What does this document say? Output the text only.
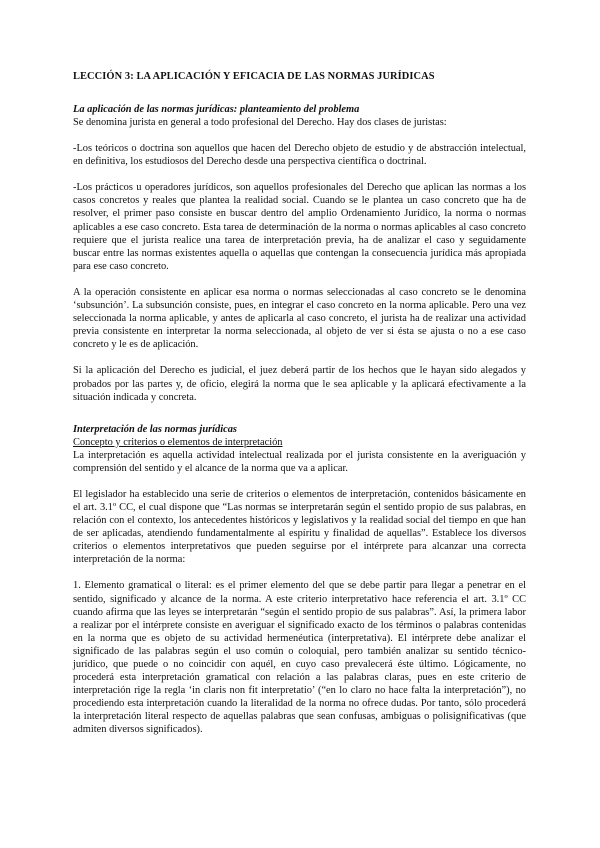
LECCIÓN 3: LA APLICACIÓN Y EFICACIA DE LAS NORMAS JURÍDICAS
La aplicación de las normas jurídicas: planteamiento del problema

Se denomina jurista en general a todo profesional del Derecho. Hay dos clases de juristas:

-Los teóricos o doctrina son aquellos que hacen del Derecho objeto de estudio y de abstracción intelectual, en definitiva, los estudiosos del Derecho desde una perspectiva científica o doctrinal.

-Los prácticos u operadores jurídicos, son aquellos profesionales del Derecho que aplican las normas a los casos concretos y reales que plantea la realidad social. Cuando se le plantea un caso concreto que ha de resolver, el primer paso consiste en buscar dentro del amplio Ordenamiento Jurídico, la norma o normas aplicables a ese caso concreto. Esta tarea de determinación de la norma o normas aplicables al caso concreto requiere que el jurista realice una tarea de interpretación previa, ha de analizar el caso y seguidamente buscar entre las normas existentes aquella o aquellas que contengan la consecuencia jurídica más apropiada para ese caso concreto.

A la operación consistente en aplicar esa norma o normas seleccionadas al caso concreto se le denomina ‘subsunción’. La subsunción consiste, pues, en integrar el caso concreto en la norma aplicable. Pero una vez seleccionada la norma aplicable, y antes de aplicarla al caso concreto, el jurista ha de realizar una actividad previa consistente en interpretar la norma seleccionada, al objeto de ver si ésta se ajusta o no a ese caso concreto y le es de aplicación.

Si la aplicación del Derecho es judicial, el juez deberá partir de los hechos que le hayan sido alegados y probados por las partes y, de oficio, elegirá la norma que le sea aplicable y la aplicará efectivamente a la situación indicada y concreta.

Interpretación de las normas jurídicas
Concepto y criterios o elementos de interpretación

La interpretación es aquella actividad intelectual realizada por el jurista consistente en la averiguación y comprensión del sentido y el alcance de la norma que va a aplicar.

El legislador ha establecido una serie de criterios o elementos de interpretación, contenidos básicamente en el art. 3.1º CC, el cual dispone que “Las normas se interpretarán según el sentido propio de sus palabras, en relación con el contexto, los antecedentes históricos y legislativos y la realidad social del tiempo en que han de ser aplicadas, atendiendo fundamentalmente al espíritu y finalidad de aquellas”. Establece los diversos criterios o elementos interpretativos que pueden seguirse por el intérprete para alcanzar una correcta interpretación de la norma:

1. Elemento gramatical o literal: es el primer elemento del que se debe partir para llegar a penetrar en el sentido, significado y alcance de la norma. A este criterio interpretativo hace referencia el art. 3.1º CC cuando afirma que las leyes se interpretarán “según el sentido propio de sus palabras”. Así, la primera labor a realizar por el intérprete consiste en averiguar el significado exacto de los términos o palabras contenidas en la norma que es objeto de su actividad hermenéutica (interpretativa). El intérprete debe analizar el significado de las palabras según el uso común o coloquial, pero también analizar su sentido técnico-jurídico, que puede o no coincidir con aquél, en cuyo caso prevalecerá éste último. Lógicamente, no procederá esta interpretación gramatical con relación a las palabras claras, pues en este criterio de interpretación rige la regla ‘in claris non fit interpretatio’ (“en lo claro no hace falta la interpretación”), no procediendo esta interpretación cuando la literalidad de la norma no ofrece dudas. Por tanto, sólo procederá la interpretación literal respecto de aquellas palabras que sean confusas, ambiguas o polisignificativas (que admiten diversos significados).
